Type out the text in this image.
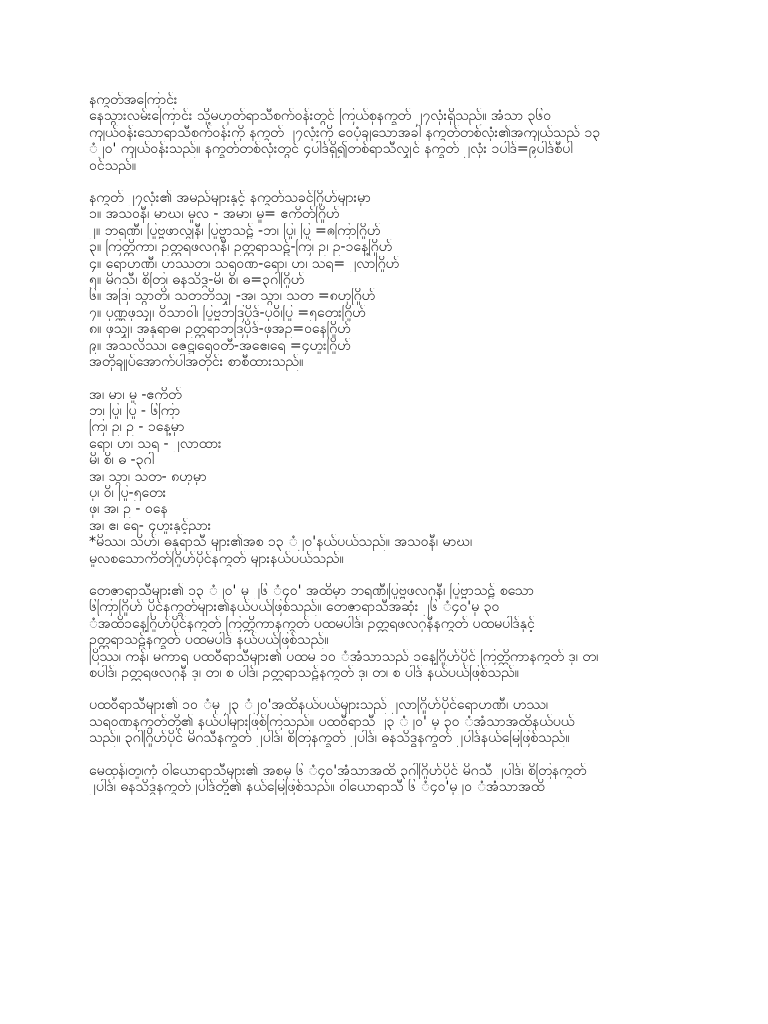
နက္ခတ်အကြောင်း
နေသွားလမ်းကြောင်း သို့မဟုတ်ရာသီစက်ဝန်းတွင် ကြယ်စုနက္ခတ် ၂၇လုံးရှိသည်။ အံသာ ၃၆၀
ကျယ်ဝန်းသောရာသီစက်ဝန်းကို နက္ခတ် ၂၇လုံးကို ဝေပုံချသောအခါ နက္ခတ်တစ်လုံး၏အကျယ်သည် ၁၃
ံ၂၀' ကျယ်ဝန်းသည်။ နက္ခတ်တစ်လုံးတွင် ၄ပါဒ်ရှိ၍တစ်ရာသီလျှင် နက္ခတ် ၂လုံး ၁ပါဒ်=၉ပါဒ်စီပါ
ဝင်သည်။
နက္ခတ် ၂၇လုံး၏ အမည်များနှင့် နက္ခတ်သခင်ဂြိုဟ်များမှာ
၁။ အသဝနီ၊ မာဃ၊ မူလ - အမာ၊ မူ= ဧကိတ်ဂြိုဟ်
၂။ ဘရဏီ၊ ပြုဗ္ဗဖာလ္ဂုနီ၊ ပြုဗ္ဗာသဠ် -ဘ၊ ပြု၊ ပြု =ၐကြာဂြိုဟ်
၃။ ကြတ္တိကာ၊ ဥတ္တရဖလဂုနီ၊ ဥတ္တရာသဠ်-ကြ၊ ဥ၊ ဥ-၁နေ့ဂြိုဟ်
၄။ ရောဟဏီ၊ ဟဿတ၊ သရဝဏ-ရော၊ ဟ၊ သရ= ၂လာဂြိုဟ်
၅။ မိဂသီ၊ စိတြ၊ ဓနသိဒ္ဓ-မိ၊ စိ၊ ဓ=၃ဂါဂြိုဟ်
၆။ အဒြ၊ သွာတိ၊ သတဘိသျှ -အ၊ သွာ၊ သတ =၈ဟုဂြိုဟ်
၇။ ပုဏ္ဏဖုသျှ၊ ဝိသာဝါ၊ ပြုဗ္ဗဘဒြပိုဒ်-ပုဝိ၊ပြု =၅တေးဂြိုဟ်
၈။ ဖုသျှ၊ အနုရာဓ၊ ဥတ္တရာဘဒြပိုဒ်-ဖုအဥ=ဝနေဂြိုဟ်
၉။ အသလိဿ၊ ဇေဋ္ဌ၊ရေဝတီ-အဧေ၊ရေ =၄ဟူးဂြိုဟ်
အတိုချုပ်အောက်ပါအတိုင်း စာစီထားသည်။
အ၊ မာ၊ မူ -ဧကိတ်
ဘ၊ ပြု၊ ပြု - ၆ကြာ
ကြ၊ ဥ၊ ဥ - ၁နေ့မှာ
ရော၊ ဟ၊ သရ - ၂လာထား
မိ၊ စိ၊ ဓ -၃ဂါ
အ၊ သွာ၊ သတ- ၈ဟုမှာ
ပု၊ ဝိ၊ ပြု-၅တေး
ဖု၊ အ၊ ဥ - ဝနေ
အ၊ ဧ၊ ရေ- ၄ဟူးနှင့်ညား
*မိဿ၊ သိဟ်၊ ဓနုရာသီ များ၏အစ ၁၃ ံ၂၀'နယ်ပယ်သည်။ အသဝနီ၊ မာဃ၊
မူလစသောကိတ်ဂြိုဟ်ပိုင်နက္ခတ် များနယ်ပယ်သည်။
တေဇာရာသီများ၏ ၁၃ ံ၂၀' မှ ၂၆ ံ၄၀' အထိမှာ ဘရဏီ၊ပြုဗ္ဗဖလဂုနီ၊ ပြုဗ္ဗာသဠ် စသော
၆ကြာဂြိုဟ် ပိုင်နက္ခတ်များ၏နယ်ပယ်ဖြစ်သည်။ တေဇာရာသီအဆုံး ၂၆ ံ၄၀'မှ ၃၀
ံအထိ၁နေ့ဂြိုဟ်ပိုင်နက္ခတ် ကြတ္တိကာနက္ခတ် ပထမပါဒ်၊ ဥတ္တရဖလဂုနီနက္ခတ် ပထမပါဒ်နှင့်
ဥတ္တရာသဠ်နက္ခတ် ပထမပါဒ် နယ်ပယ်ဖြစ်သည်။
ပြိဿ၊ ကန်၊ မကာရ ပထဝီရာသီများ၏ ပထမ ၁၀ ံအံသာသည် ၁နေ့ဂြိုဟ်ပိုင် ကြတ္တိကာနက္ခတ် ဒု၊ တ၊
စပါဒ်၊ ဥတ္တရဖလဂုနီ ဒု၊ တ၊ စ ပါဒ်၊ ဥတ္တရာသဠ်နက္ခတ် ဒု၊ တ၊ စ ပါဒ် နယ်ပယ်ဖြစ်သည်။
ပထဝီရာသီများ၏ ၁၀ ံမှ ၂၃ ံ၂၀'အထိနယ်ပယ်များသည် ၂လာဂြိုဟ်ပိုင်ရောဟဏီ၊ ဟဿ၊
သရဝဏနက္ခတ်တို့၏ နယ်ပါများဖြစ်ကြသည်။ ပထဝီရာသီ ၂၃ ံ၂၀' မှ ၃၀ ံအံသာအထိနယ်ပယ်
သည်။ ၃ဂါဂြိုဟ်ပိုင် မိဂသီနက္ခတ် ၂ပါဒ်၊ စိတြနက္ခတ် ၂ပါဒ်၊ ဓနသိဒ္ဓနက္ခတ် ၂ပါဒ်နယ်မြေဖြစ်သည်။
မေထုန်၊တူ၊ကုံ ဝါယောရာသီများ၏ အစမှ ၆ ံ၄၀'အံသာအထိ ၃ဂါဂြိုဟ်ပိုင် မိဂသီ ၂ပါဒ်၊ စိတြနက္ခတ်
၂ပါဒ်၊ ဓနသိဒ္ဓနက္ခတ်၂ပါဒ်တို့၏ နယ်မြေဖြစ်သည်။ ဝါယောရာသီ ၆ ံ၄၀'မှ၂၀ ံအံသာအထိ
